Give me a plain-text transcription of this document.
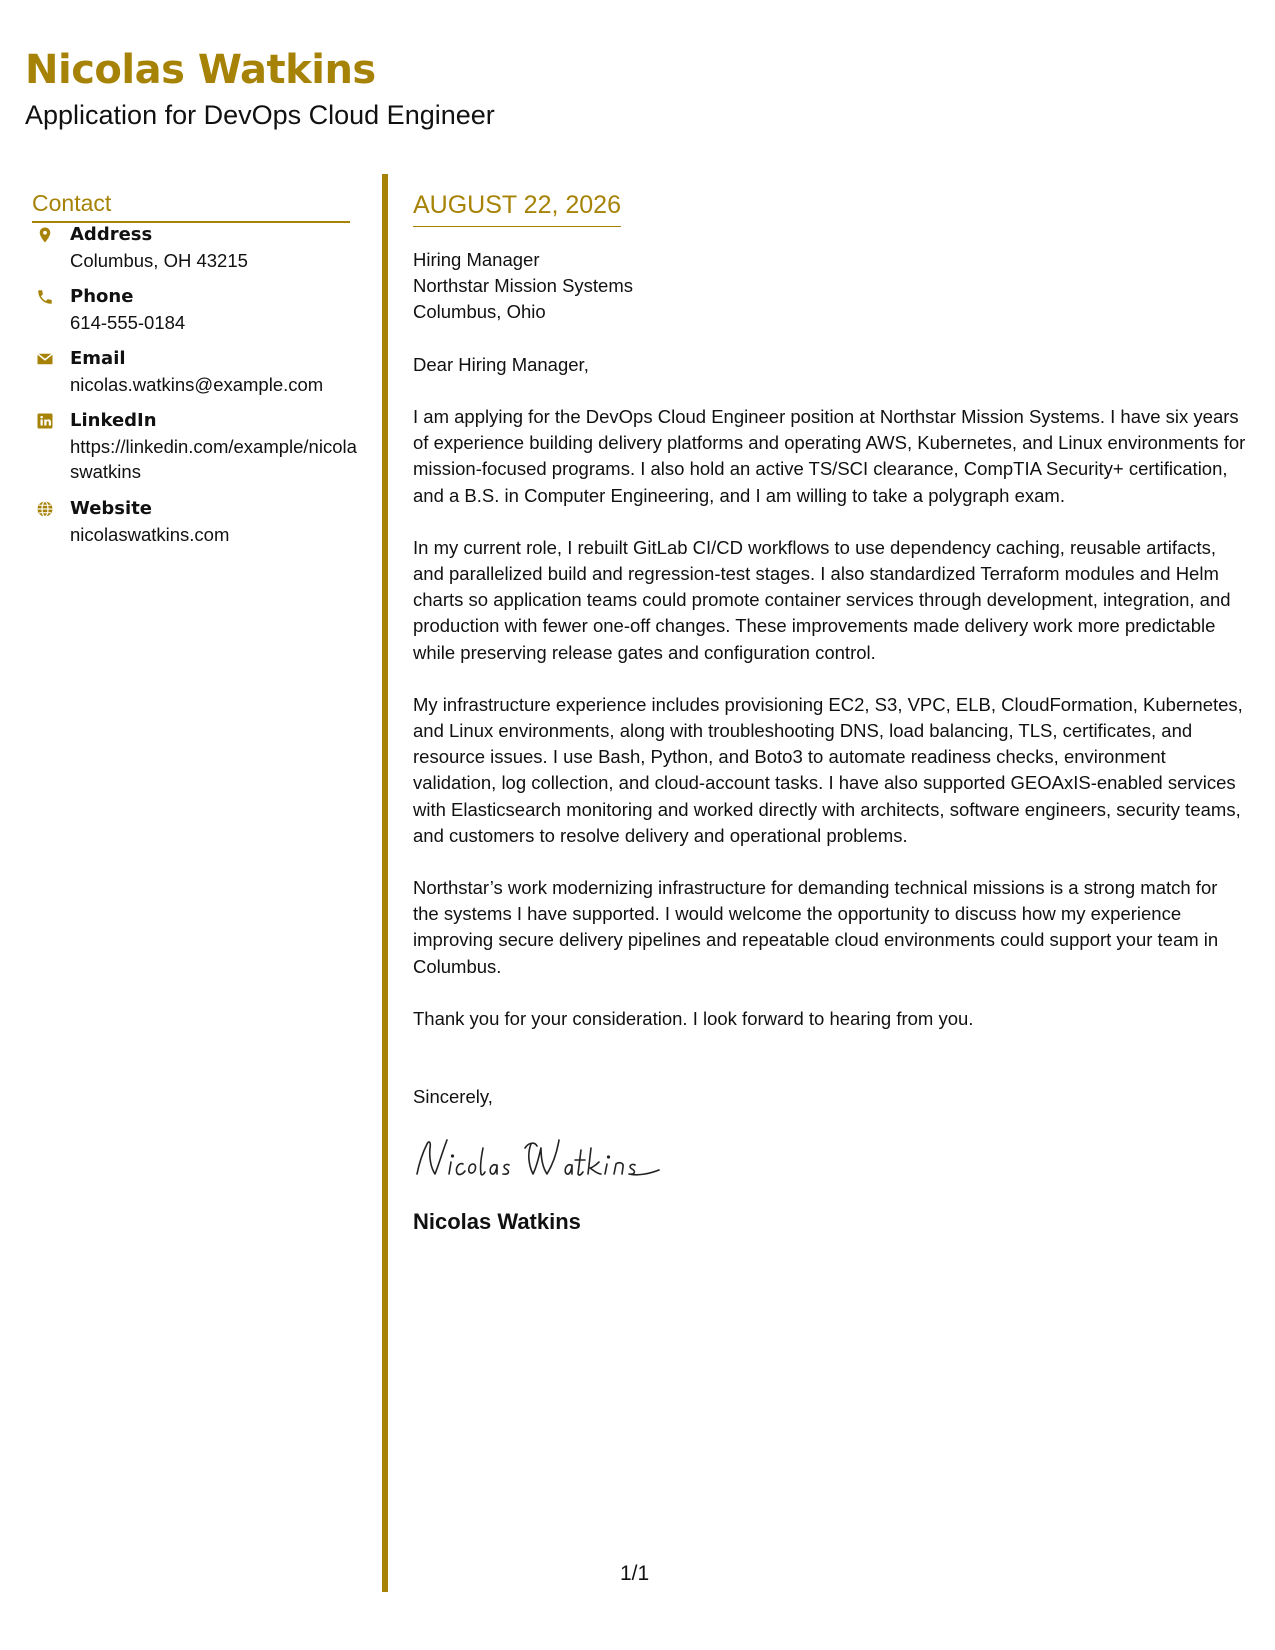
Nicolas Watkins
Application for DevOps Cloud Engineer
Contact
Address
Columbus, OH 43215
Phone
614-555-0184
Email
nicolas.watkins@example.com
LinkedIn
https://linkedin.com/example/nicolaswatkins
Website
nicolaswatkins.com
AUGUST 22, 2026
Hiring Manager
Northstar Mission Systems
Columbus, Ohio
Dear Hiring Manager,
I am applying for the DevOps Cloud Engineer position at Northstar Mission Systems. I have six years of experience building delivery platforms and operating AWS, Kubernetes, and Linux environments for mission-focused programs. I also hold an active TS/SCI clearance, CompTIA Security+ certification, and a B.S. in Computer Engineering, and I am willing to take a polygraph exam.
In my current role, I rebuilt GitLab CI/CD workflows to use dependency caching, reusable artifacts, and parallelized build and regression-test stages. I also standardized Terraform modules and Helm charts so application teams could promote container services through development, integration, and production with fewer one-off changes. These improvements made delivery work more predictable while preserving release gates and configuration control.
My infrastructure experience includes provisioning EC2, S3, VPC, ELB, CloudFormation, Kubernetes, and Linux environments, along with troubleshooting DNS, load balancing, TLS, certificates, and resource issues. I use Bash, Python, and Boto3 to automate readiness checks, environment validation, log collection, and cloud-account tasks. I have also supported GEOAxIS-enabled services with Elasticsearch monitoring and worked directly with architects, software engineers, security teams, and customers to resolve delivery and operational problems.
Northstar’s work modernizing infrastructure for demanding technical missions is a strong match for the systems I have supported. I would welcome the opportunity to discuss how my experience improving secure delivery pipelines and repeatable cloud environments could support your team in Columbus.
Thank you for your consideration. I look forward to hearing from you.
Sincerely,
Nicolas Watkins
1/1
